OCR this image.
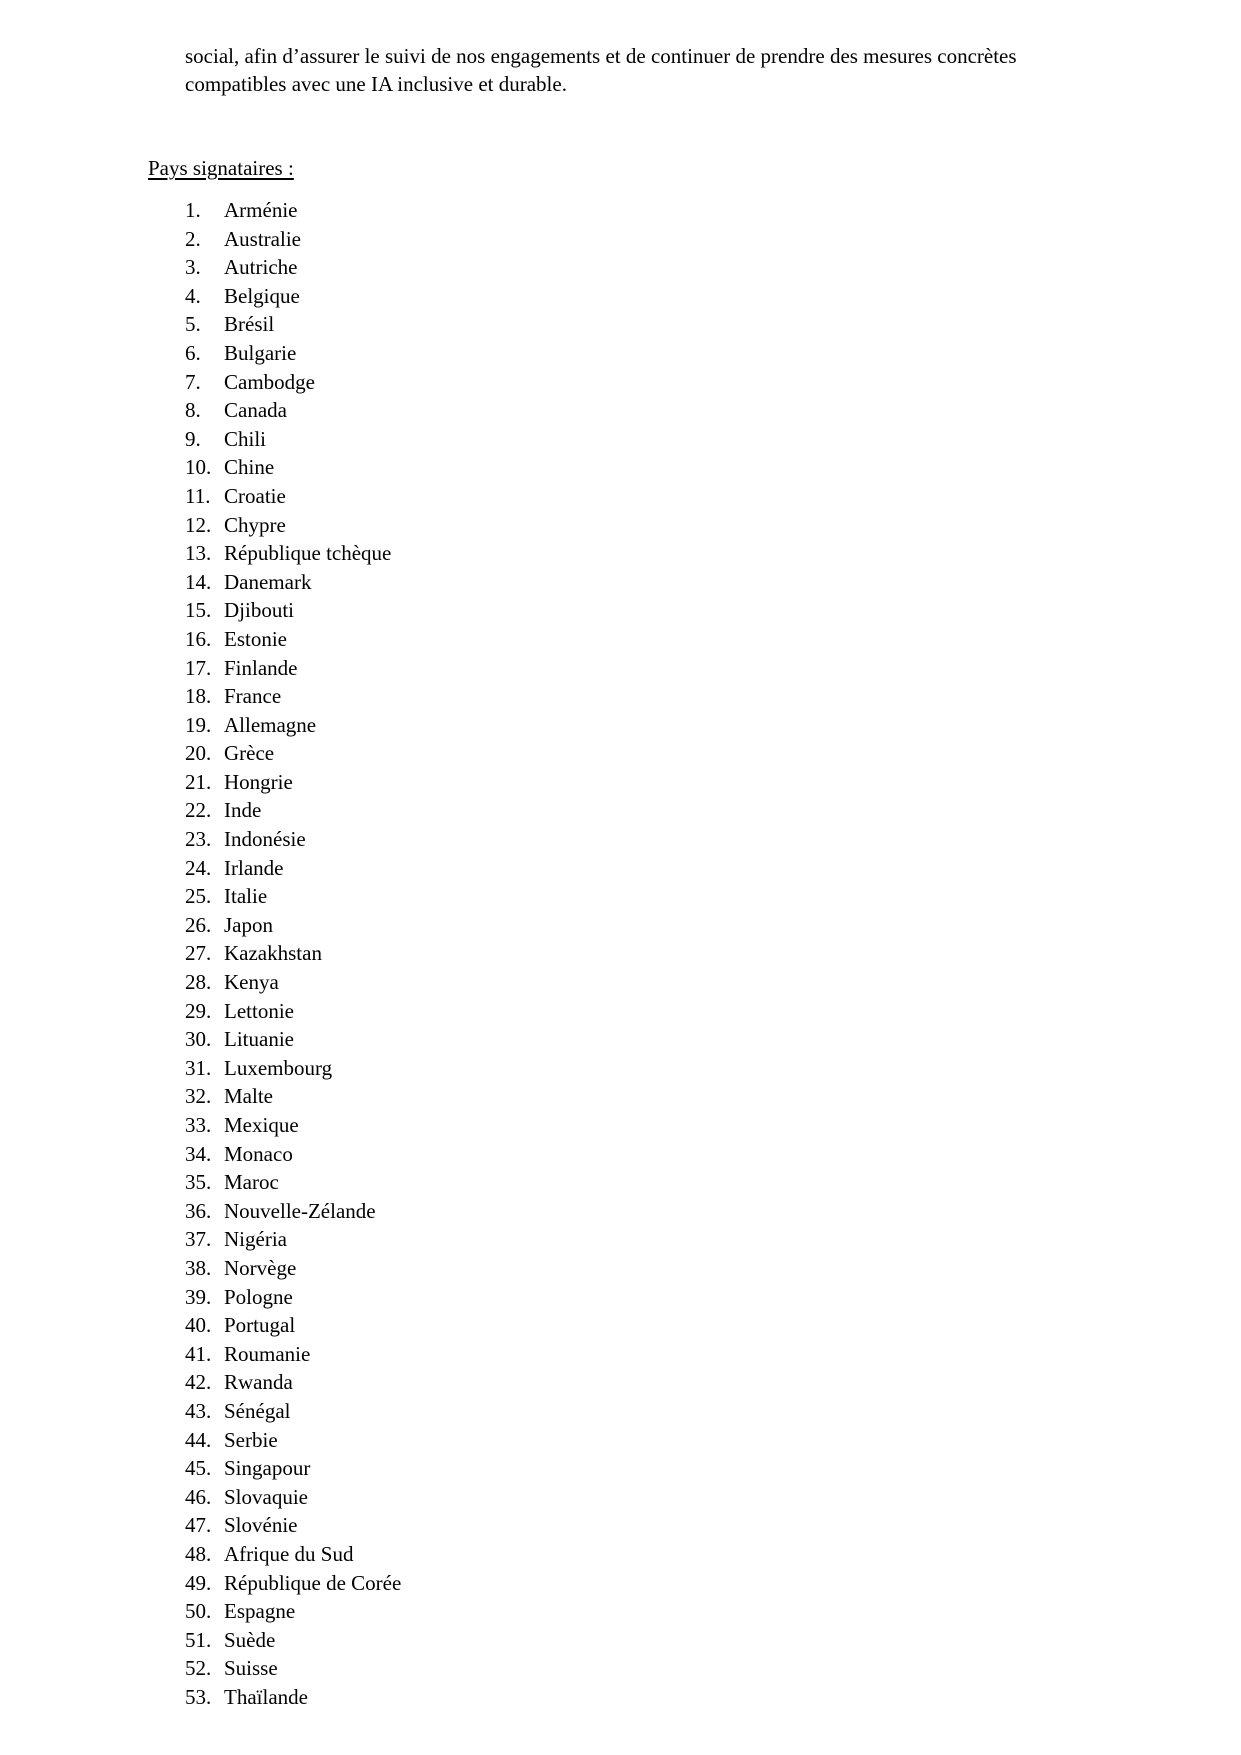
social, afin d’assurer le suivi de nos engagements et de continuer de prendre des mesures concrètes

compatibles avec une IA inclusive et durable.

Pays signataires :
1. Arménie
2. Australie
3. Autriche
4. Belgique
5. Brésil
6. Bulgarie
7. Cambodge
8. Canada
9. Chili
10. Chine
11. Croatie
12. Chypre
13. République tchèque
14. Danemark
15. Djibouti
16. Estonie
17. Finlande
18. France
19. Allemagne
20. Grèce
21. Hongrie
22. Inde
23. Indonésie
24. Irlande
25. Italie
26. Japon
27. Kazakhstan
28. Kenya
29. Lettonie
30. Lituanie
31. Luxembourg
32. Malte
33. Mexique
34. Monaco
35. Maroc
36. Nouvelle-Zélande
37. Nigéria
38. Norvège
39. Pologne
40. Portugal
41. Roumanie
42. Rwanda
43. Sénégal
44. Serbie
45. Singapour
46. Slovaquie
47. Slovénie
48. Afrique du Sud
49. République de Corée
50. Espagne
51. Suède
52. Suisse
53. Thaïlande
